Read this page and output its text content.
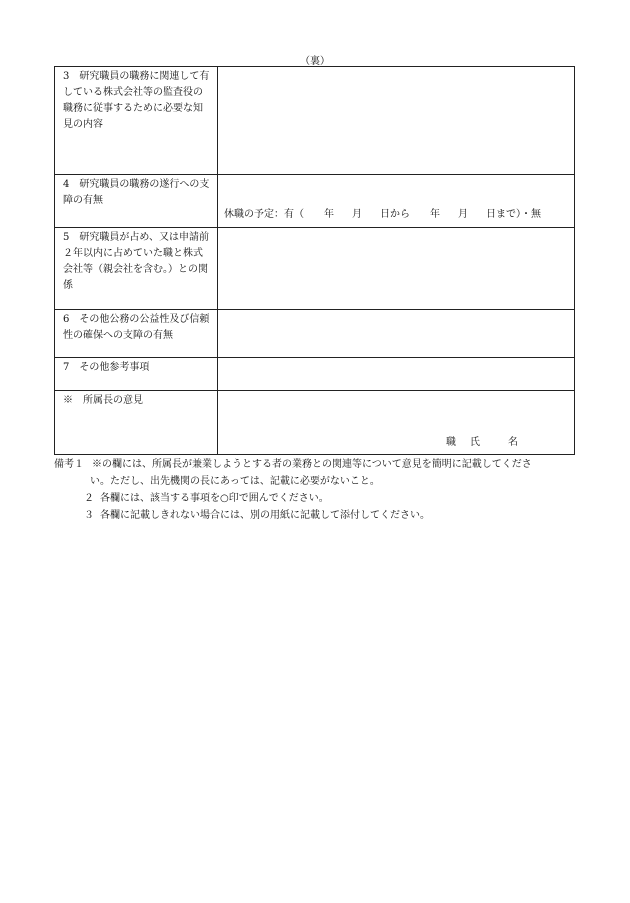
（裏）
3　研究職員の職務に関連して有している株式会社等の監査役の職務に従事するために必要な知見の内容	

4　研究職員の職務の遂行への支障の有無	休職の予定：有（ 年 月 日から 年 月 日まで）・無

5　研究職員が占め、又は申請前２年以内に占めていた職と株式会社等（親会社を含む。）との関係	

6　その他公務の公益性及び信頼性の確保への支障の有無	

7　その他参考事項	

※　所属長の意見	職 氏 名
備考１ ※の欄には、所属長が兼業しようとする者の業務との関連等について意見を簡明に記載してくださ
い。ただし、出先機関の長にあっては、記載に必要がないこと。
２ 各欄には、該当する事項を○印で囲んでください。
３ 各欄に記載しきれない場合には、別の用紙に記載して添付してください。
